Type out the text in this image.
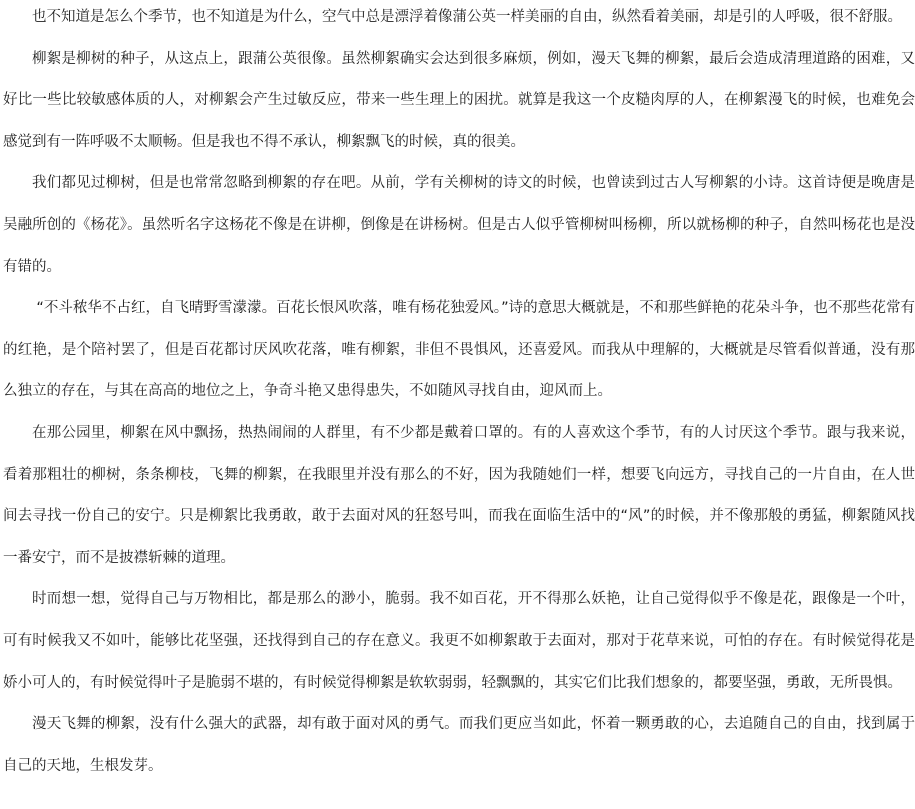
也不知道是怎么个季节，也不知道是为什么，空气中总是漂浮着像蒲公英一样美丽的自由，纵然看着美丽，却是引的人呼吸，很不舒服。

柳絮是柳树的种子，从这点上，跟蒲公英很像。虽然柳絮确实会达到很多麻烦，例如，漫天飞舞的柳絮，最后会造成清理道路的困难，又好比一些比较敏感体质的人，对柳絮会产生过敏反应，带来一些生理上的困扰。就算是我这一个皮糙肉厚的人，在柳絮漫飞的时候，也难免会感觉到有一阵呼吸不太顺畅。但是我也不得不承认，柳絮飘飞的时候，真的很美。

我们都见过柳树，但是也常常忽略到柳絮的存在吧。从前，学有关柳树的诗文的时候，也曾读到过古人写柳絮的小诗。这首诗便是晚唐是吴融所创的《杨花》。虽然听名字这杨花不像是在讲柳，倒像是在讲杨树。但是古人似乎管柳树叫杨柳，所以就杨柳的种子，自然叫杨花也是没有错的。

“不斗秾华不占红，自飞晴野雪濛濛。百花长恨风吹落，唯有杨花独爱风。”诗的意思大概就是，不和那些鲜艳的花朵斗争，也不那些花常有的红艳，是个陪衬罢了，但是百花都讨厌风吹花落，唯有柳絮，非但不畏惧风，还喜爱风。而我从中理解的，大概就是尽管看似普通，没有那么独立的存在，与其在高高的地位之上，争奇斗艳又患得患失，不如随风寻找自由，迎风而上。

在那公园里，柳絮在风中飘扬，热热闹闹的人群里，有不少都是戴着口罩的。有的人喜欢这个季节，有的人讨厌这个季节。跟与我来说，看着那粗壮的柳树，条条柳枝，飞舞的柳絮，在我眼里并没有那么的不好，因为我随她们一样，想要飞向远方，寻找自己的一片自由，在人世间去寻找一份自己的安宁。只是柳絮比我勇敢，敢于去面对风的狂怒号叫，而我在面临生活中的“风”的时候，并不像那般的勇猛，柳絮随风找一番安宁，而不是披襟斩棘的道理。

时而想一想，觉得自己与万物相比，都是那么的渺小，脆弱。我不如百花，开不得那么妖艳，让自己觉得似乎不像是花，跟像是一个叶，可有时候我又不如叶，能够比花坚强，还找得到自己的存在意义。我更不如柳絮敢于去面对，那对于花草来说，可怕的存在。有时候觉得花是娇小可人的，有时候觉得叶子是脆弱不堪的，有时候觉得柳絮是软软弱弱，轻飘飘的，其实它们比我们想象的，都要坚强，勇敢，无所畏惧。

漫天飞舞的柳絮，没有什么强大的武器，却有敢于面对风的勇气。而我们更应当如此，怀着一颗勇敢的心，去追随自己的自由，找到属于自己的天地，生根发芽。
